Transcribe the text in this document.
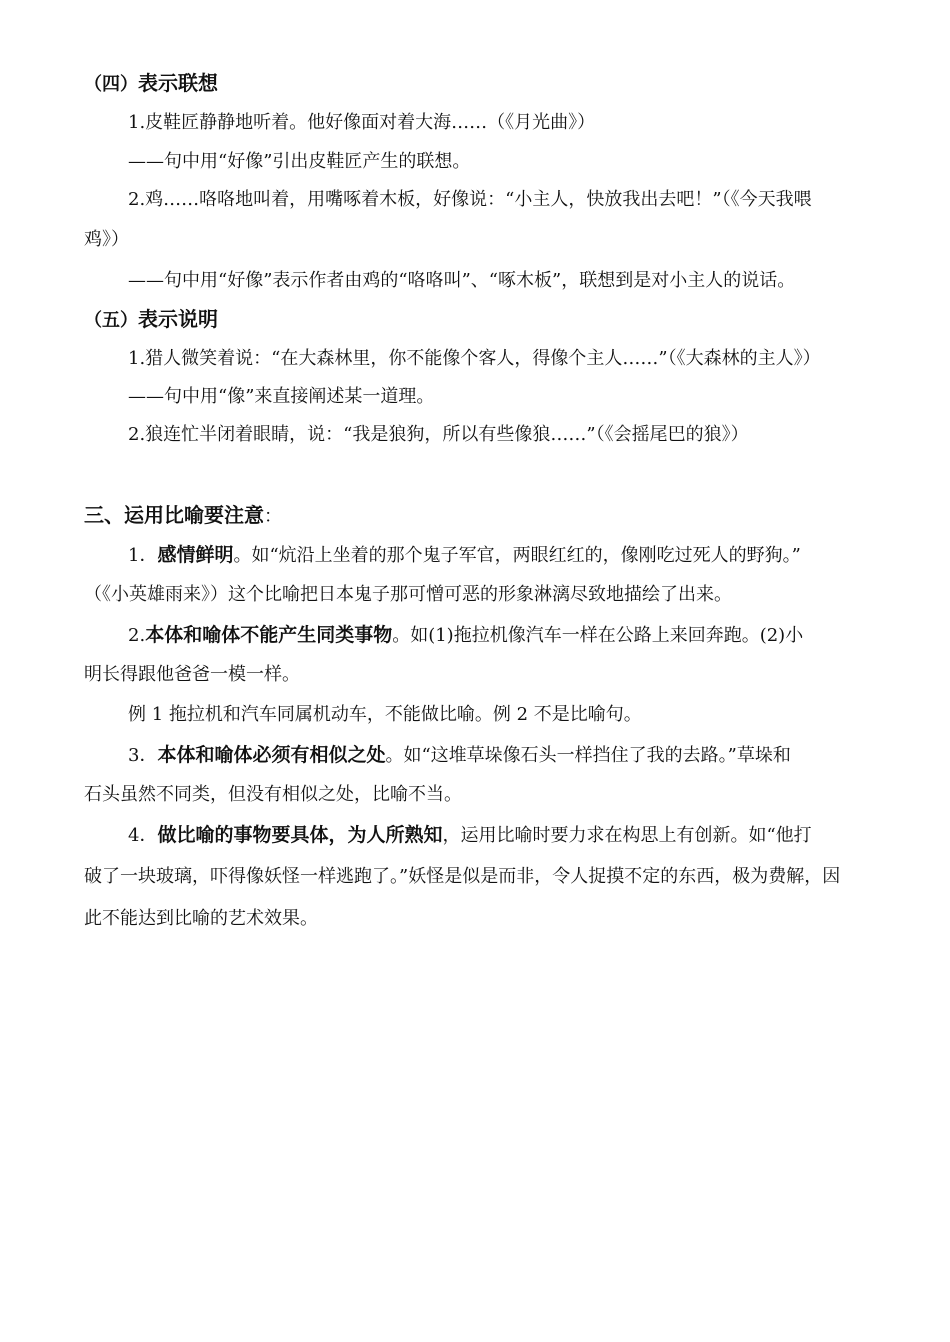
（四）表示联想
1.皮鞋匠静静地听着。他好像面对着大海……（《月光曲》）
——句中用“好像”引出皮鞋匠产生的联想。
2.鸡……咯咯地叫着，用嘴啄着木板，好像说：“小主人，快放我出去吧！”（《今天我喂
鸡》）
——句中用“好像”表示作者由鸡的“咯咯叫”、“啄木板”，联想到是对小主人的说话。
（五）表示说明
1.猎人微笑着说：“在大森林里，你不能像个客人，得像个主人……”（《大森林的主人》）
——句中用“像”来直接阐述某一道理。
2.狼连忙半闭着眼睛，说：“我是狼狗，所以有些像狼……”（《会摇尾巴的狼》）
三、运用比喻要注意：
1．感情鲜明。如“炕沿上坐着的那个鬼子军官，两眼红红的，像刚吃过死人的野狗。”
（《小英雄雨来》）这个比喻把日本鬼子那可憎可恶的形象淋漓尽致地描绘了出来。
2.本体和喻体不能产生同类事物。如(1)拖拉机像汽车一样在公路上来回奔跑。(2)小
明长得跟他爸爸一模一样。
例 1 拖拉机和汽车同属机动车，不能做比喻。例 2 不是比喻句。
3．本体和喻体必须有相似之处。如“这堆草垛像石头一样挡住了我的去路。”草垛和
石头虽然不同类，但没有相似之处，比喻不当。
4．做比喻的事物要具体，为人所熟知，运用比喻时要力求在构思上有创新。如“他打
破了一块玻璃，吓得像妖怪一样逃跑了。”妖怪是似是而非，令人捉摸不定的东西，极为费解，因
此不能达到比喻的艺术效果。
